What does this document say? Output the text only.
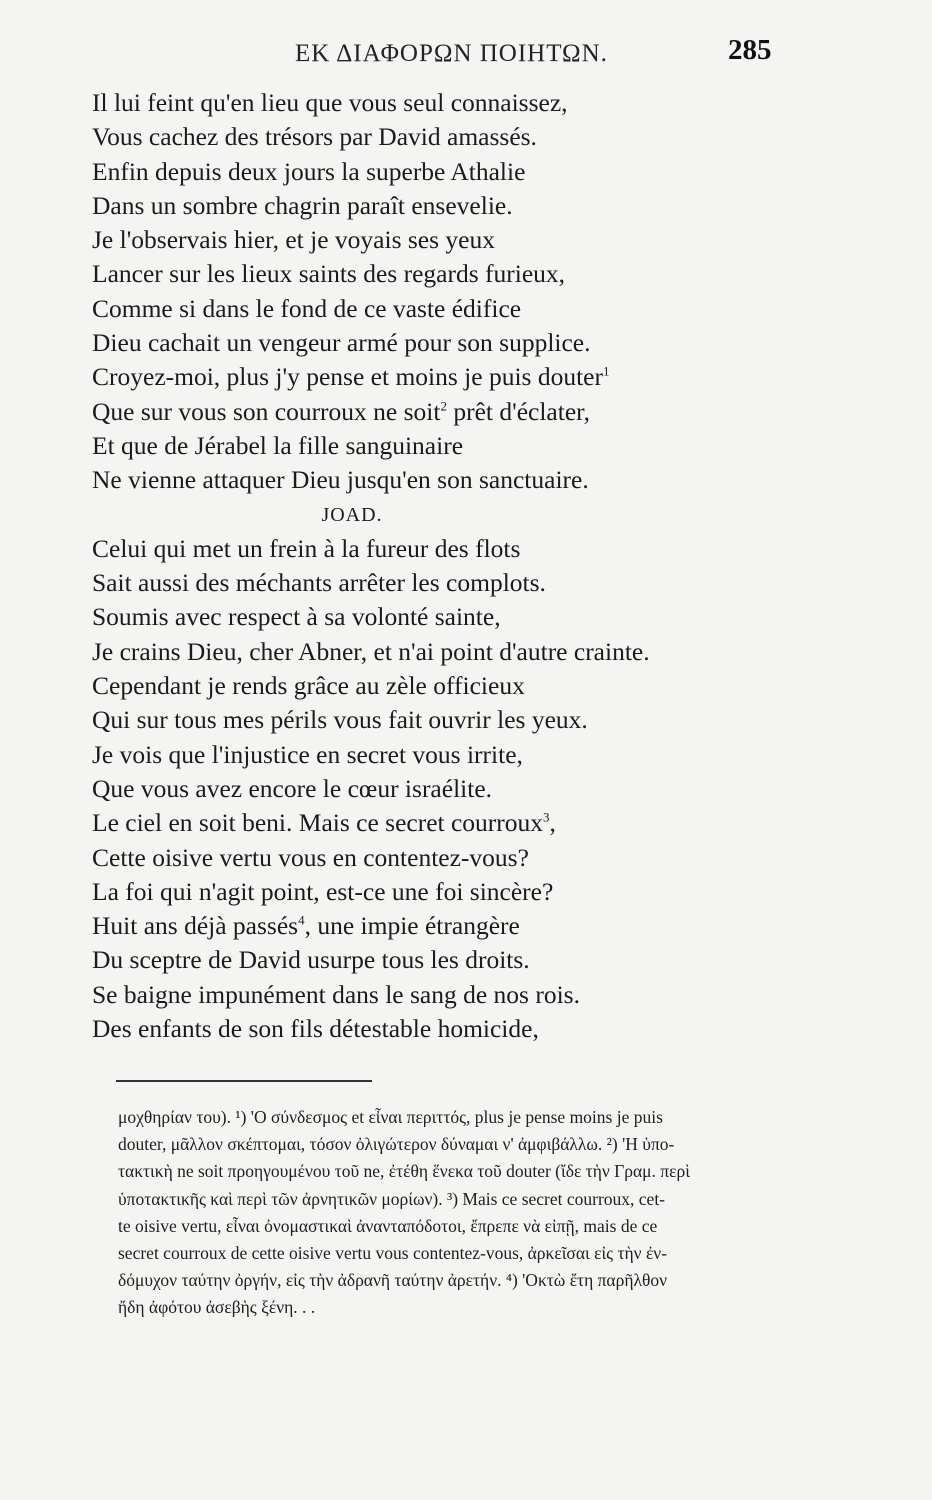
ΕΚ ΔΙΑΦΟΡΩΝ ΠΟΙΗΤΩΝ.	285
Il lui feint qu'en lieu que vous seul connaissez,
Vous cachez des trésors par David amassés.
Enfin depuis deux jours la superbe Athalie
Dans un sombre chagrin paraît ensevelie.
Je l'observais hier, et je voyais ses yeux
Lancer sur les lieux saints des regards furieux,
Comme si dans le fond de ce vaste édifice
Dieu cachait un vengeur armé pour son supplice.
Croyez-moi, plus j'y pense et moins je puis douter$^1$
Que sur vous son courroux ne soit$^2$ prêt d'éclater,
Et que de Jérabel la fille sanguinaire
Ne vienne attaquer Dieu jusqu'en son sanctuaire.
JOAD.
Celui qui met un frein à la fureur des flots
Sait aussi des méchants arrêter les complots.
Soumis avec respect à sa volonté sainte,
Je crains Dieu, cher Abner, et n'ai point d'autre crainte.
Cependant je rends grâce au zèle officieux
Qui sur tous mes périls vous fait ouvrir les yeux.
Je vois que l'injustice en secret vous irrite,
Que vous avez encore le cœur israélite.
Le ciel en soit beni. Mais ce secret courroux$^3$,
Cette oisive vertu vous en contentez-vous?
La foi qui n'agit point, est-ce une foi sincère?
Huit ans déjà passés$^4$, une impie étrangère
Du sceptre de David usurpe tous les droits.
Se baigne impunément dans le sang de nos rois.
Des enfants de son fils détestable homicide,
μοχθηρίαν του). ¹) 'Ο σύνδεσμος et εἶναι περιττός, plus je pense moins je puis
douter, μᾶλλον σκέπτομαι, τόσον ὀλιγώτερον δύναμαι ν' ἀμφιβάλλω. ²) 'Η ὑπο-
τακτικὴ ne soit προηγουμένου τοῦ ne, ἐτέθη ἕνεκα τοῦ douter (ἴδε τὴν Γραμ. περὶ
ὑποτακτικῆς καὶ περὶ τῶν ἀρνητικῶν μορίων). ³) Mais ce secret courroux, cet-
te oisive vertu, εἶναι ὀνομαστικαὶ ἀνανταπόδοτοι, ἔπρεπε νὰ εἰπῇ, mais de ce
secret courroux de cette oisive vertu vous contentez-vous, ἀρκεῖσαι εἰς τὴν ἐν-
δόμυχον ταύτην ὀργήν, εἰς τὴν ἀδρανῆ ταύτην ἀρετήν. ⁴) 'Οκτὼ ἔτη παρῆλθον
ἤδη ἀφότου ἀσεβὴς ξένη. . .
